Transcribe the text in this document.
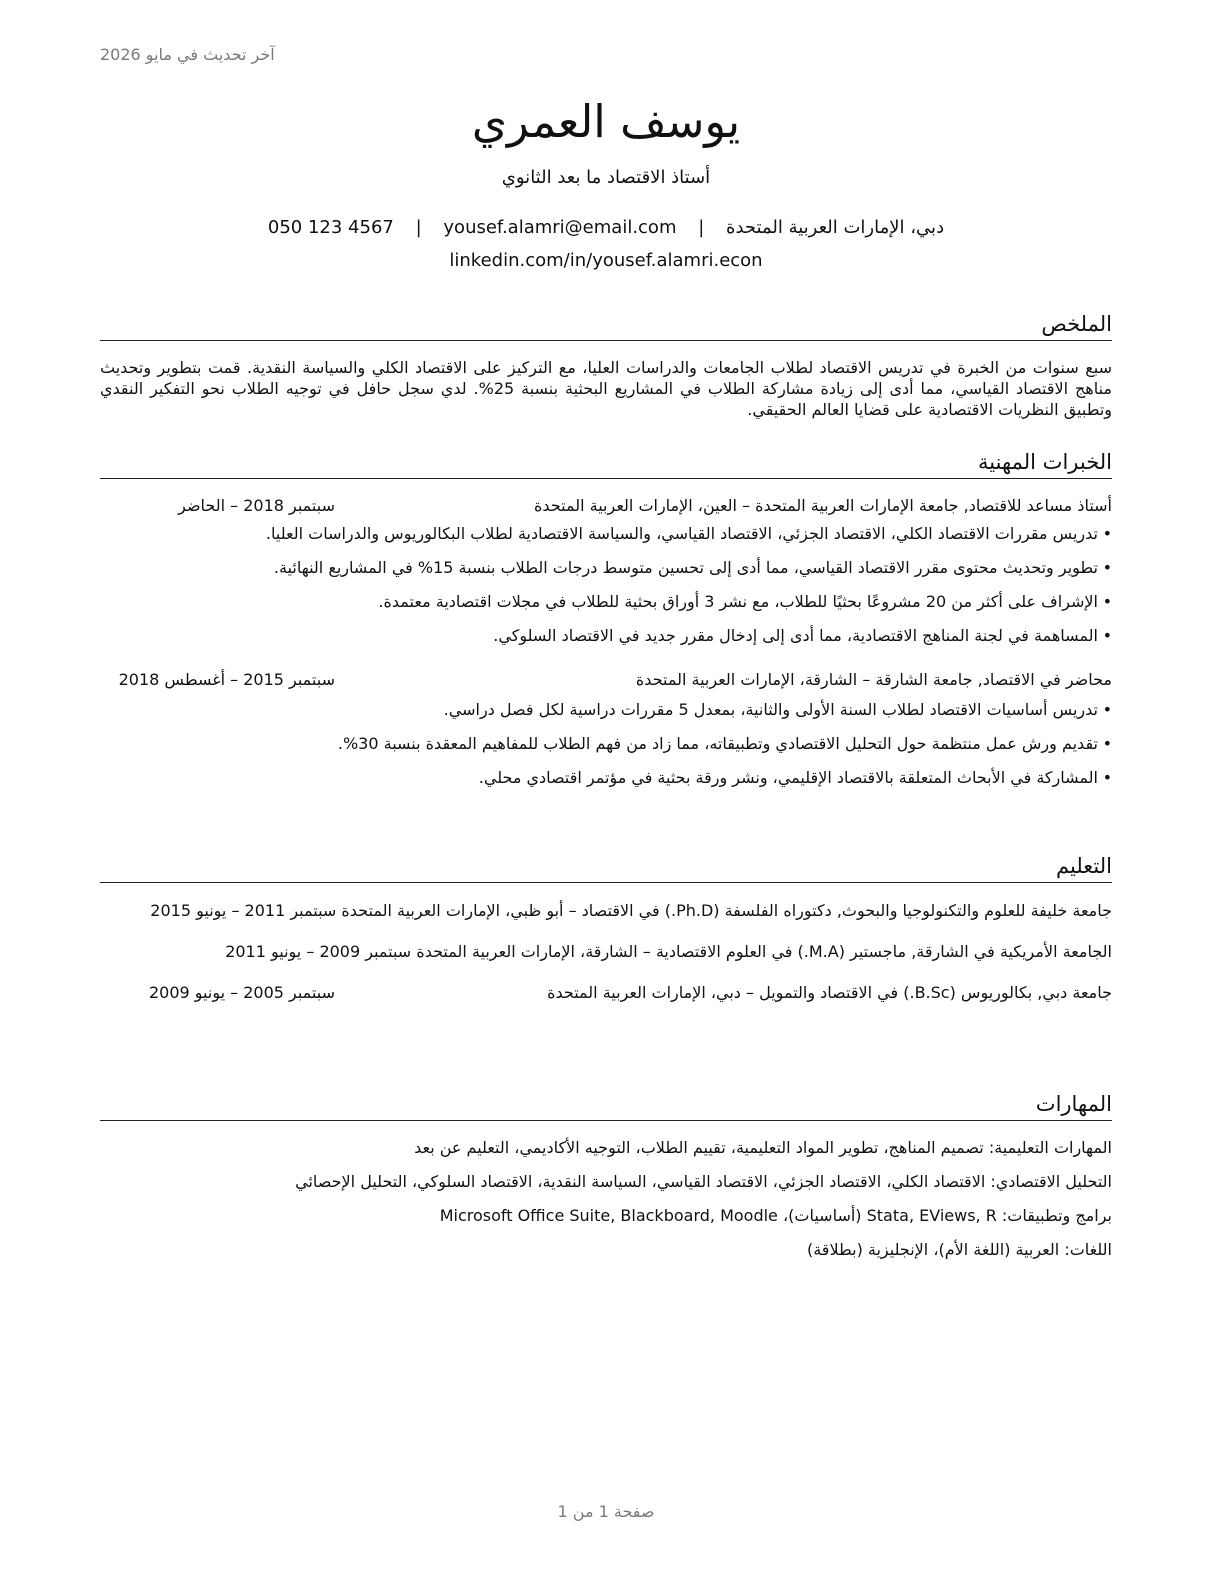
آخر تحديث في مايو 2026
يوسف العمري
أستاذ الاقتصاد ما بعد الثانوي
دبي، الإمارات العربية المتحدة | yousef.alamri@email.com | 050 123 4567
linkedin.com/in/yousef.alamri.econ
الملخص
سبع سنوات من الخبرة في تدريس الاقتصاد لطلاب الجامعات والدراسات العليا، مع التركيز على الاقتصاد الكلي والسياسة النقدية. قمت بتطوير وتحديث مناهج الاقتصاد القياسي، مما أدى إلى زيادة مشاركة الطلاب في المشاريع البحثية بنسبة 25%. لدي سجل حافل في توجيه الطلاب نحو التفكير النقدي وتطبيق النظريات الاقتصادية على قضايا العالم الحقيقي.
الخبرات المهنية
أستاذ مساعد للاقتصاد, جامعة الإمارات العربية المتحدة – العين، الإمارات العربية المتحدة
سبتمبر 2018 – الحاضر
• تدريس مقررات الاقتصاد الكلي، الاقتصاد الجزئي، الاقتصاد القياسي، والسياسة الاقتصادية لطلاب البكالوريوس والدراسات العليا.
• تطوير وتحديث محتوى مقرر الاقتصاد القياسي، مما أدى إلى تحسين متوسط درجات الطلاب بنسبة 15% في المشاريع النهائية.
• الإشراف على أكثر من 20 مشروعًا بحثيًا للطلاب، مع نشر 3 أوراق بحثية للطلاب في مجلات اقتصادية معتمدة.
• المساهمة في لجنة المناهج الاقتصادية، مما أدى إلى إدخال مقرر جديد في الاقتصاد السلوكي.
محاضر في الاقتصاد, جامعة الشارقة – الشارقة، الإمارات العربية المتحدة
سبتمبر 2015 – أغسطس 2018
• تدريس أساسيات الاقتصاد لطلاب السنة الأولى والثانية، بمعدل 5 مقررات دراسية لكل فصل دراسي.
• تقديم ورش عمل منتظمة حول التحليل الاقتصادي وتطبيقاته، مما زاد من فهم الطلاب للمفاهيم المعقدة بنسبة 30%.
• المشاركة في الأبحاث المتعلقة بالاقتصاد الإقليمي، ونشر ورقة بحثية في مؤتمر اقتصادي محلي.
التعليم
جامعة خليفة للعلوم والتكنولوجيا والبحوث, دكتوراه الفلسفة (Ph.D.) في الاقتصاد – أبو ظبي، الإمارات العربية المتحدة سبتمبر 2011 – يونيو 2015
الجامعة الأمريكية في الشارقة, ماجستير (M.A.) في العلوم الاقتصادية – الشارقة، الإمارات العربية المتحدة سبتمبر 2009 – يونيو 2011
جامعة دبي, بكالوريوس (B.Sc.) في الاقتصاد والتمويل – دبي، الإمارات العربية المتحدة
سبتمبر 2005 – يونيو 2009
المهارات
المهارات التعليمية: تصميم المناهج، تطوير المواد التعليمية، تقييم الطلاب، التوجيه الأكاديمي، التعليم عن بعد
التحليل الاقتصادي: الاقتصاد الكلي، الاقتصاد الجزئي، الاقتصاد القياسي، السياسة النقدية، الاقتصاد السلوكي، التحليل الإحصائي
برامج وتطبيقات: Stata, EViews, R (أساسيات)، Microsoft Office Suite, Blackboard, Moodle
اللغات: العربية (اللغة الأم)، الإنجليزية (بطلاقة)
صفحة 1 من 1
